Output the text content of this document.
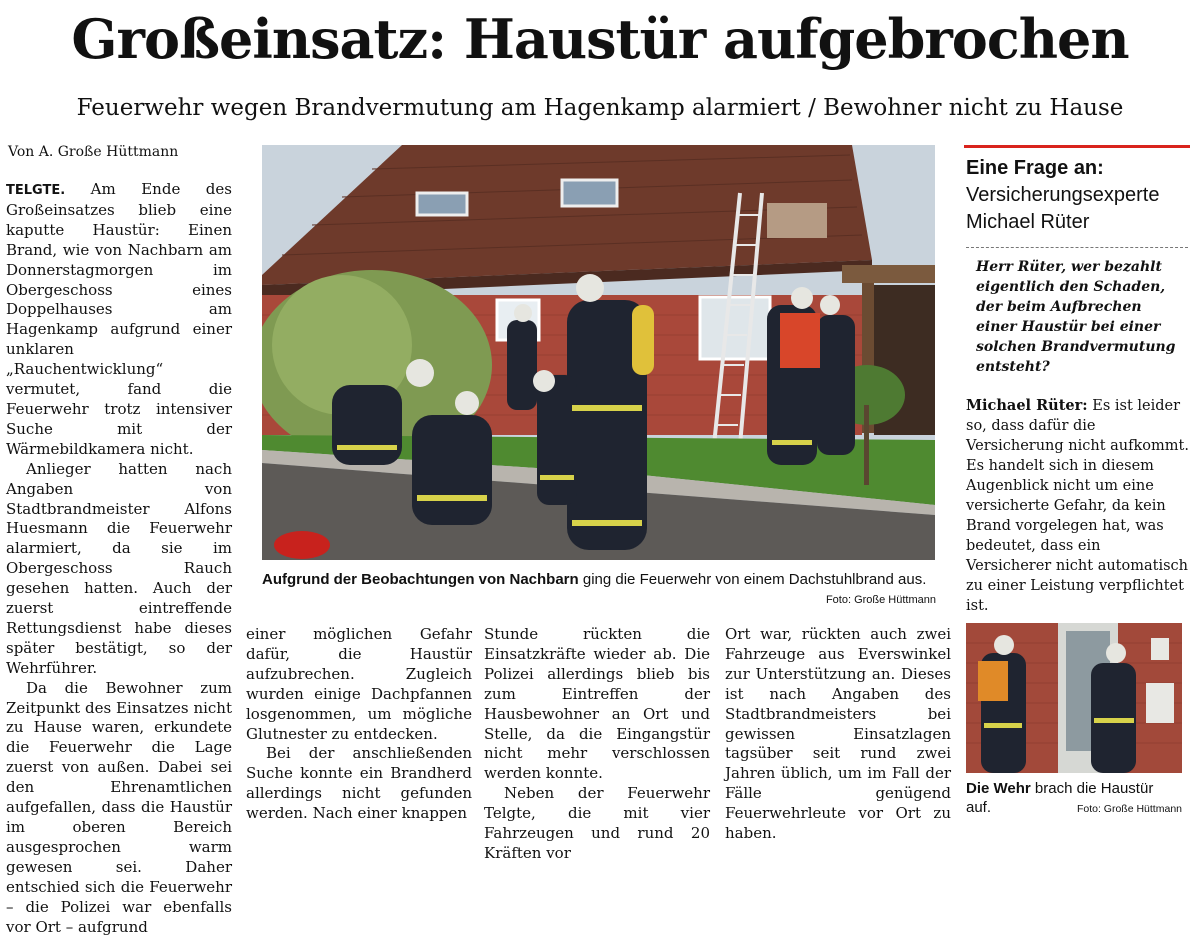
Großeinsatz: Haustür aufgebrochen
Feuerwehr wegen Brandvermutung am Hagenkamp alarmiert / Bewohner nicht zu Hause
Von A. Große Hüttmann

TELGTE. Am Ende des Großeinsatzes blieb eine kaputte Haustür: Einen Brand, wie von Nachbarn am Donnerstagmorgen im Obergeschoss eines Doppelhauses am Hagenkamp aufgrund einer unklaren „Rauchentwicklung“ vermutet, fand die Feuerwehr trotz intensiver Suche mit der Wärmebildkamera nicht.

Anlieger hatten nach Angaben von Stadtbrandmeister Alfons Huesmann die Feuerwehr alarmiert, da sie im Obergeschoss Rauch gesehen hatten. Auch der zuerst eintreffende Rettungsdienst habe dieses später bestätigt, so der Wehrführer.

Da die Bewohner zum Zeitpunkt des Einsatzes nicht zu Hause waren, erkundete die Feuerwehr die Lage zuerst von außen. Dabei sei den Ehrenamtlichen aufgefallen, dass die Haustür im oberen Bereich ausgesprochen warm gewesen sei. Daher entschied sich die Feuerwehr – die Polizei war ebenfalls vor Ort – aufgrund

Aufgrund der Beobachtungen von Nachbarn ging die Feuerwehr von einem Dachstuhlbrand aus.
Foto: Große Hüttmann

einer möglichen Gefahr dafür, die Haustür aufzubrechen. Zugleich wurden einige Dachpfannen losgenommen, um mögliche Glutnester zu entdecken.

Bei der anschließenden Suche konnte ein Brandherd allerdings nicht gefunden werden. Nach einer knappen

Stunde rückten die Einsatzkräfte wieder ab. Die Polizei allerdings blieb bis zum Eintreffen der Hausbewohner an Ort und Stelle, da die Eingangstür nicht mehr verschlossen werden konnte.

Neben der Feuerwehr Telgte, die mit vier Fahrzeugen und rund 20 Kräften vor

Ort war, rückten auch zwei Fahrzeuge aus Everswinkel zur Unterstützung an. Dieses ist nach Angaben des Stadtbrandmeisters bei gewissen Einsatzlagen tagsüber seit rund zwei Jahren üblich, um im Fall der Fälle genügend Feuerwehrleute vor Ort zu haben.

Eine Frage an:
Versicherungsexperte
Michael Rüter
Herr Rüter, wer bezahlt eigentlich den Schaden, der beim Aufbrechen einer Haustür bei einer solchen Brandvermutung entsteht?
Michael Rüter: Es ist leider so, dass dafür die Versicherung nicht aufkommt. Es handelt sich in diesem Augenblick nicht um eine versicherte Gefahr, da kein Brand vorgelegen hat, was bedeutet, dass ein Versicherer nicht automatisch zu einer Leistung verpflichtet ist.
Die Wehr brach die Haustür auf.	Foto: Große Hüttmann
